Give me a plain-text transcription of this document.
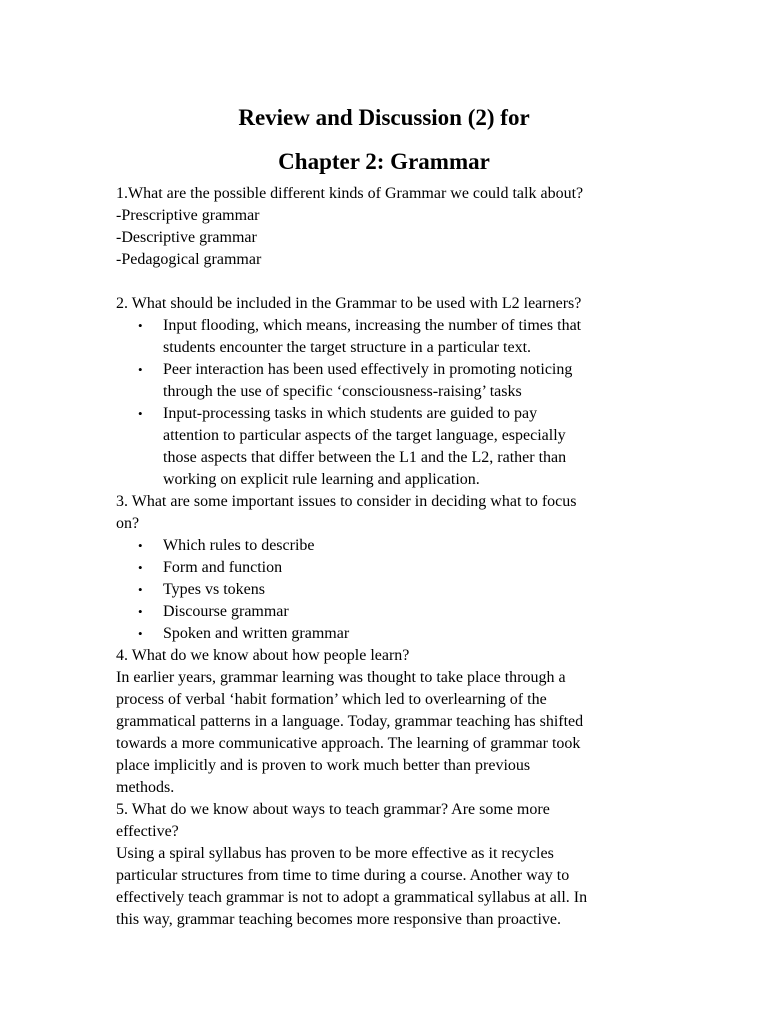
Review and Discussion (2) for
Chapter 2: Grammar
1.What are the possible different kinds of Grammar we could talk about?
-Prescriptive grammar
-Descriptive grammar
-Pedagogical grammar
2. What should be included in the Grammar to be used with L2 learners?
•	Input flooding, which means, increasing the number of times that
students encounter the target structure in a particular text.
•	Peer interaction has been used effectively in promoting noticing
through the use of specific ‘consciousness-raising’ tasks
•	Input-processing tasks in which students are guided to pay
attention to particular aspects of the target language, especially
those aspects that differ between the L1 and the L2, rather than
working on explicit rule learning and application.
3. What are some important issues to consider in deciding what to focus
on?
•	Which rules to describe
•	Form and function
•	Types vs tokens
•	Discourse grammar
•	Spoken and written grammar
4. What do we know about how people learn?
In earlier years, grammar learning was thought to take place through a
process of verbal ‘habit formation’ which led to overlearning of the
grammatical patterns in a language. Today, grammar teaching has shifted
towards a more communicative approach. The learning of grammar took
place implicitly and is proven to work much better than previous
methods.
5. What do we know about ways to teach grammar? Are some more
effective?
Using a spiral syllabus has proven to be more effective as it recycles
particular structures from time to time during a course. Another way to
effectively teach grammar is not to adopt a grammatical syllabus at all. In
this way, grammar teaching becomes more responsive than proactive.
